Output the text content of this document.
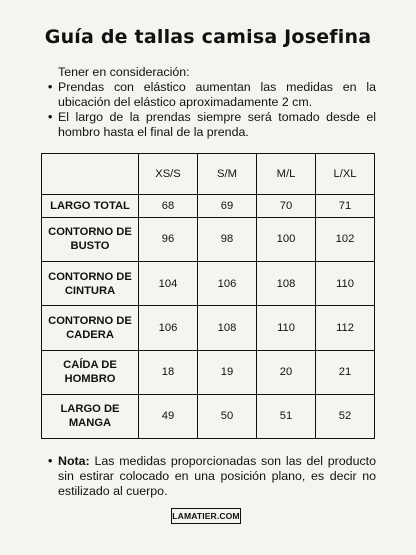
Guía de tallas camisa Josefina

Tener en consideración:

• Prendas con elástico aumentan las medidas en la ubicación del elástico aproximadamente 2 cm.
• El largo de la prendas siempre será tomado desde el hombro hasta el final de la prenda.
	XS/S	S/M	M/L	L/XL
LARGO TOTAL	68	69	70	71
CONTORNO DE BUSTO	96	98	100	102
CONTORNO DE CINTURA	104	106	108	110
CONTORNO DE CADERA	106	108	110	112
CAÍDA DE HOMBRO	18	19	20	21
LARGO DE MANGA	49	50	51	52
• Nota: Las medidas proporcionadas son las del producto sin estirar colocado en una posición plano, es decir no estilizado al cuerpo.
LAMATIER.COM
